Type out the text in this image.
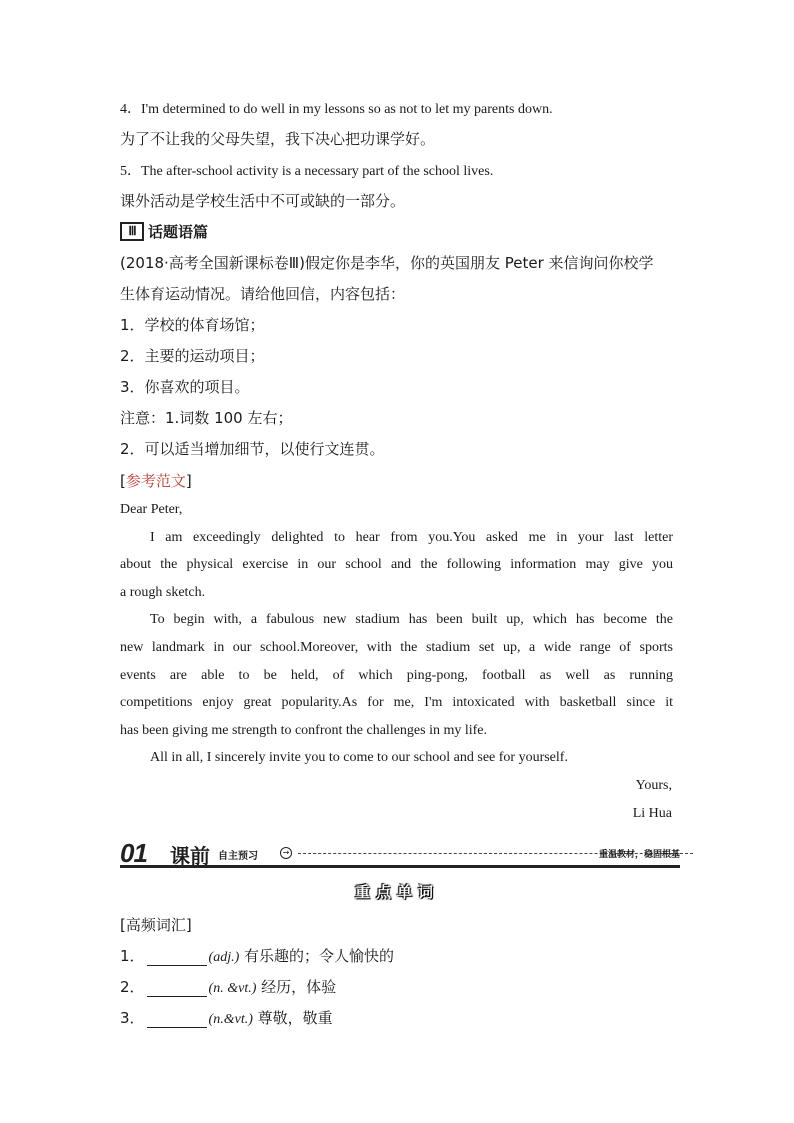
4．I'm determined to do well in my lessons so as not to let my parents down.
为了不让我的父母失望，我下决心把功课学好。
5．The after-school activity is a necessary part of the school lives.
课外活动是学校生活中不可或缺的一部分。
Ⅲ 话题语篇
(2018·高考全国新课标卷Ⅲ)假定你是李华，你的英国朋友 Peter 来信询问你校学
生体育运动情况。请给他回信，内容包括：
1．学校的体育场馆；
2．主要的运动项目；
3．你喜欢的项目。
注意：1.词数 100 左右；
2．可以适当增加细节，以使行文连贯。
[参考范文]
Dear Peter,
I am exceedingly delighted to hear from you.You asked me in your last letter
about the physical exercise in our school and the following information may give you
a rough sketch.
To begin with, a fabulous new stadium has been built up, which has become the
new landmark in our school.Moreover, with the stadium set up, a wide range of sports
events are able to be held, of which ping-pong, football as well as running
competitions enjoy great popularity.As for me, I'm intoxicated with basketball since it
has been giving me strength to confront the challenges in my life.
All in all, I sincerely invite you to come to our school and see for yourself.
Yours,
Li Hua
01 课前 自主预习	→	重温教材，稳固根基
重点单词
[高频词汇]
1．	(adj.) 有乐趣的；令人愉快的
2．	(n. &vt.) 经历，体验
3．	(n.&vt.) 尊敬，敬重
